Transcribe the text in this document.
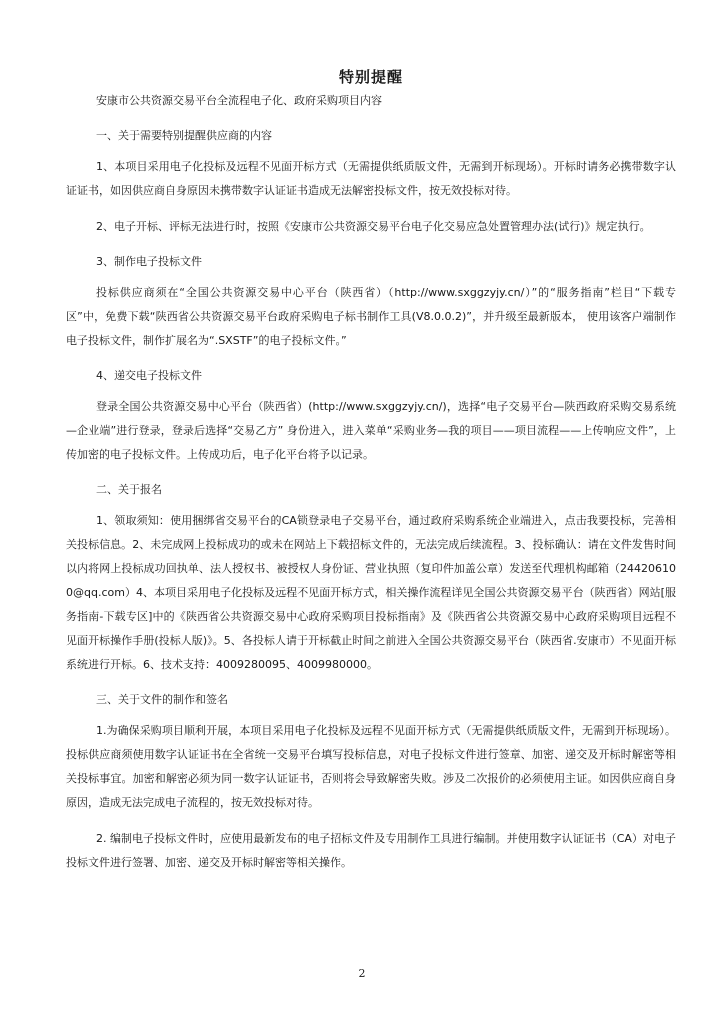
特别提醒
安康市公共资源交易平台全流程电子化、政府采购项目内容
一、关于需要特别提醒供应商的内容
1、本项目采用电子化投标及远程不见面开标方式（无需提供纸质版文件，无需到开标现场）。开标时请务必携带数字认证证书，如因供应商自身原因未携带数字认证证书造成无法解密投标文件，按无效投标对待。
2、电子开标、评标无法进行时，按照《安康市公共资源交易平台电子化交易应急处置管理办法(试行)》规定执行。
3、制作电子投标文件
投标供应商须在“全国公共资源交易中心平台（陕西省）（http://www.sxggzyjy.cn/）”的“服务指南”栏目“下载专区”中，免费下载“陕西省公共资源交易平台政府采购电子标书制作工具(V8.0.0.2)”，并升级至最新版本， 使用该客户端制作电子投标文件，制作扩展名为“.SXSTF”的电子投标文件。”
4、递交电子投标文件
登录全国公共资源交易中心平台（陕西省）(http://www.sxggzyjy.cn/)，选择“电子交易平台—陕西政府采购交易系统—企业端”进行登录，登录后选择“交易乙方” 身份进入，进入菜单“采购业务—我的项目——项目流程——上传响应文件”，上传加密的电子投标文件。上传成功后，电子化平台将予以记录。
二、关于报名
1、领取须知：使用捆绑省交易平台的CA锁登录电子交易平台，通过政府采购系统企业端进入，点击我要投标，完善相关投标信息。2、未完成网上投标成功的或未在网站上下载招标文件的，无法完成后续流程。3、投标确认：请在文件发售时间以内将网上投标成功回执单、法人授权书、被授权人身份证、营业执照（复印件加盖公章）发送至代理机构邮箱（244206100@qq.com）4、本项目采用电子化投标及远程不见面开标方式，相关操作流程详见全国公共资源交易平台（陕西省）网站[服务指南-下载专区]中的《陕西省公共资源交易中心政府采购项目投标指南》及《陕西省公共资源交易中心政府采购项目远程不见面开标操作手册(投标人版)》。5、各投标人请于开标截止时间之前进入全国公共资源交易平台（陕西省.安康市）不见面开标系统进行开标。6、技术支持：4009280095、4009980000。
三、关于文件的制作和签名
1.为确保采购项目顺利开展，本项目采用电子化投标及远程不见面开标方式（无需提供纸质版文件，无需到开标现场）。投标供应商须使用数字认证证书在全省统一交易平台填写投标信息，对电子投标文件进行签章、加密、递交及开标时解密等相关投标事宜。加密和解密必须为同一数字认证证书，否则将会导致解密失败。涉及二次报价的必须使用主证。如因供应商自身原因，造成无法完成电子流程的，按无效投标对待。
2. 编制电子投标文件时，应使用最新发布的电子招标文件及专用制作工具进行编制。并使用数字认证证书（CA）对电子投标文件进行签署、加密、递交及开标时解密等相关操作。
2
